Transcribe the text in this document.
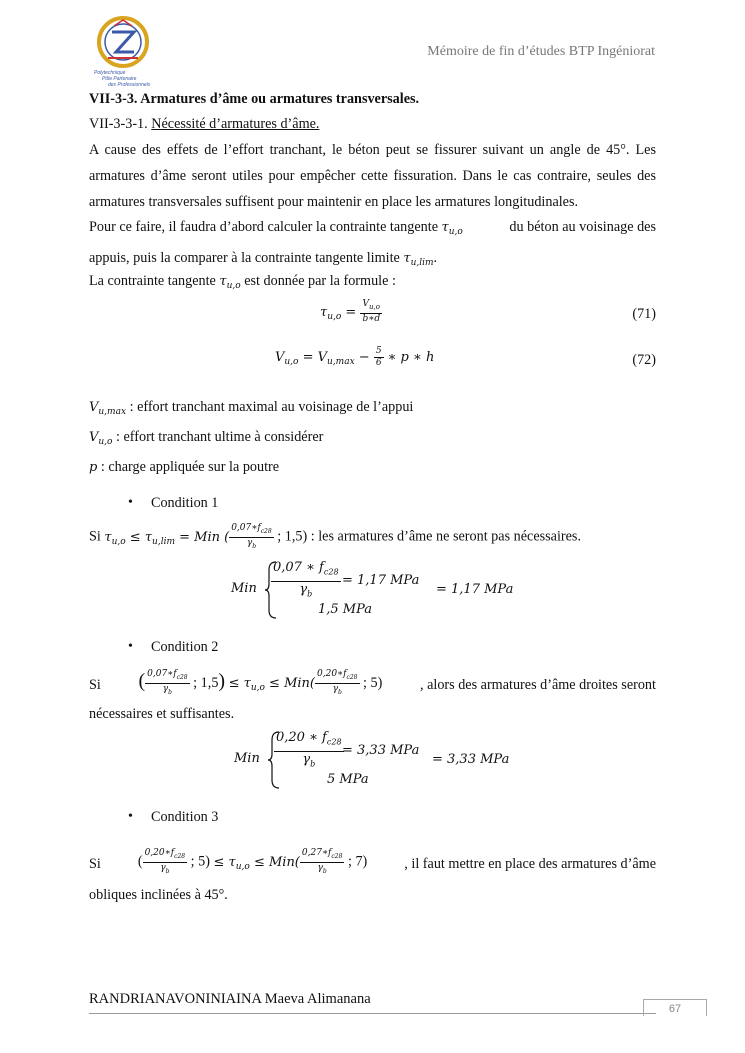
Mémoire de fin d’études BTP Ingéniorat
Polytechnique
Pôle Partenaire
des Professionnels
VII-3-3. Armatures d’âme ou armatures transversales.
VII-3-3-1. Nécessité d’armatures d’âme.
A cause des effets de l’effort tranchant, le béton peut se fissurer suivant un angle de 45°. Les
armatures d’âme seront utiles pour empêcher cette fissuration. Dans le cas contraire, seules des
armatures transversales suffisent pour maintenir en place les armatures longitudinales.
Pour ce faire, il faudra d’abord calculer la contrainte tangente $\tau_{u,o}$	du béton au voisinage des
appuis, puis la comparer à la contrainte tangente limite $\tau_{u,lim}$.
La contrainte tangente $\tau_{u,o}$ est donnée par la formule :
$\tau_{u,o} = \frac{V_{u,o}}{b∗d}$	(71)
$V_{u,o} = V_{u,max} - \frac{5}{6}$ ∗ p ∗ h	(72)
$V_{u,max}$ : effort tranchant maximal au voisinage de l’appui
$V_{u,o}$ : effort tranchant ultime à considérer
p : charge appliquée sur la poutre
• Condition 1
Si $\tau_{u,o} \le \tau_{u,lim}$ = Min ( $\frac{0,07∗f_{c28}}{\gamma_b}$ ; 1,5) : les armatures d’âme ne seront pas nécessaires.
Min $\frac{0,07 ∗ f_{c28}}{\gamma_b} = 1,17$ MPa
1,5 MPa
= 1,17 MPa
• Condition 2
Si ( $\frac{0,07∗f_{c28}}{\gamma_b}$ ; $1,5) \le \tau_{u,o} \le Min( \frac{0,20∗f_{c28}}{\gamma_b}$ ; 5)	, alors des armatures d’âme droites seront
nécessaires et suffisantes.
Min $\frac{0,20 ∗ f_{c28}}{\gamma_b}$
= 3,33 MPa
5 MPa
= 3,33 MPa
• Condition 3
Si	( $\frac{0,20∗f_{c28}}{\gamma_b}$ ; $5) \le \tau_{u,o} \le Min( \frac{0,27∗f_{c28}}{\gamma_b}$ ; 7)	, il faut mettre en place des armatures d’âme
obliques inclinées à 45°.
RANDRIANAVONINIAINA Maeva Alimanana
67
